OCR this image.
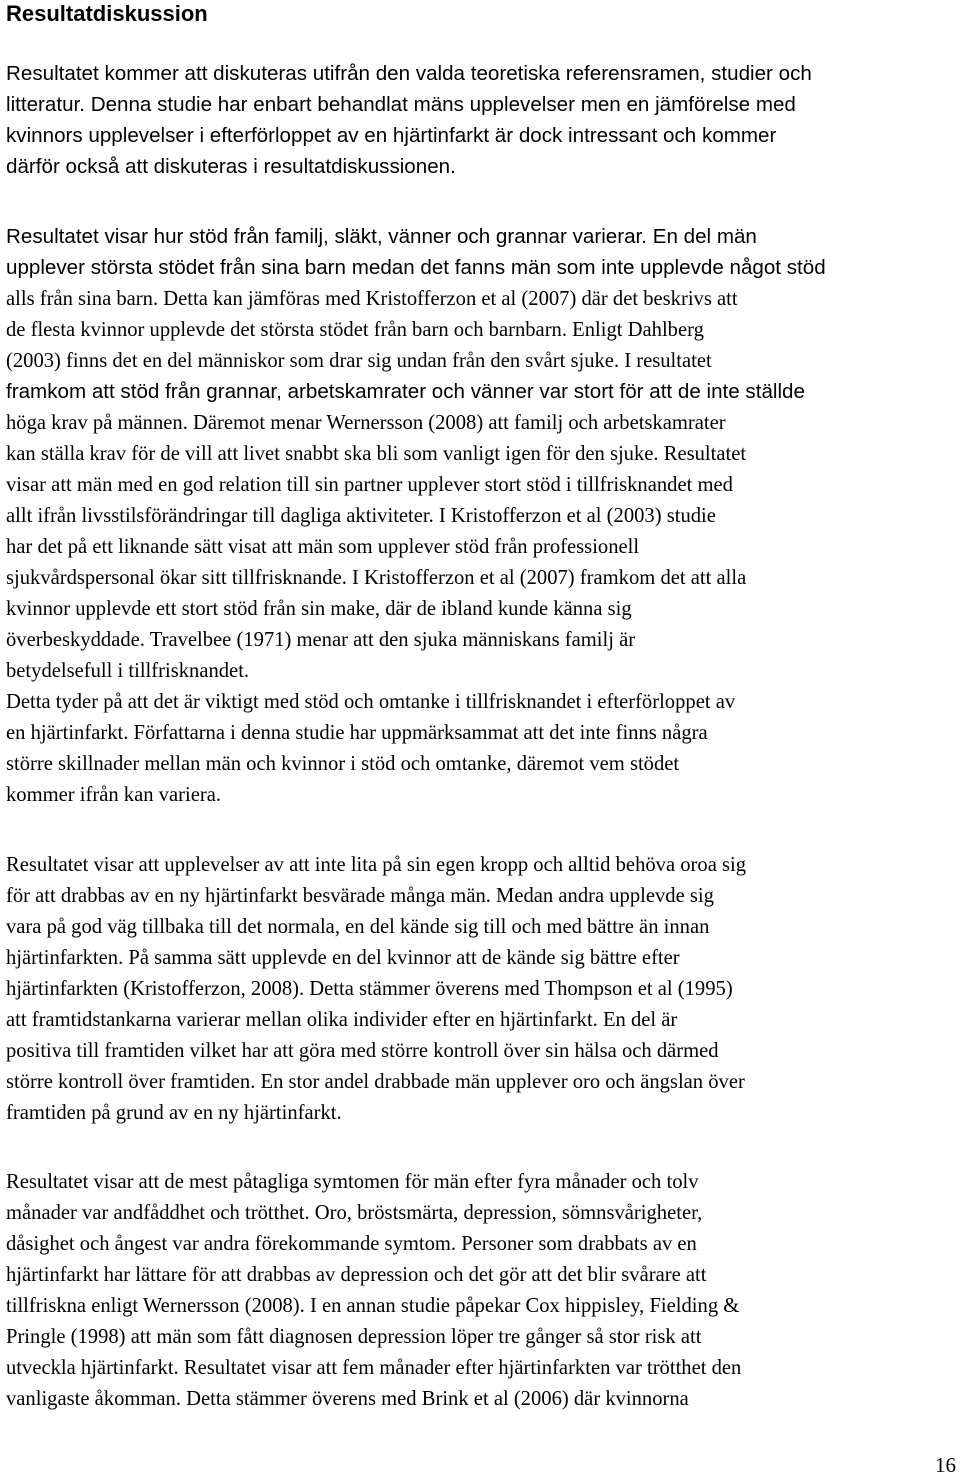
Resultatdiskussion

Resultatet kommer att diskuteras utifrån den valda teoretiska referensramen, studier och

litteratur. Denna studie har enbart behandlat mäns upplevelser men en jämförelse med

kvinnors upplevelser i efterförloppet av en hjärtinfarkt är dock intressant och kommer

därför också att diskuteras i resultatdiskussionen.

Resultatet visar hur stöd från familj, släkt, vänner och grannar varierar. En del män

upplever största stödet från sina barn medan det fanns män som inte upplevde något stöd

alls från sina barn. Detta kan jämföras med Kristofferzon et al (2007) där det beskrivs att

de flesta kvinnor upplevde det största stödet från barn och barnbarn. Enligt Dahlberg

(2003) finns det en del människor som drar sig undan från den svårt sjuke. I resultatet

framkom att stöd från grannar, arbetskamrater och vänner var stort för att de inte ställde

höga krav på männen. Däremot menar Wernersson (2008) att familj och arbetskamrater

kan ställa krav för de vill att livet snabbt ska bli som vanligt igen för den sjuke. Resultatet

visar att män med en god relation till sin partner upplever stort stöd i tillfrisknandet med

allt ifrån livsstilsförändringar till dagliga aktiviteter. I Kristofferzon et al (2003) studie

har det på ett liknande sätt visat att män som upplever stöd från professionell

sjukvårdspersonal ökar sitt tillfrisknande. I Kristofferzon et al (2007) framkom det att alla

kvinnor upplevde ett stort stöd från sin make, där de ibland kunde känna sig

överbeskyddade. Travelbee (1971) menar att den sjuka människans familj är

betydelsefull i tillfrisknandet.

Detta tyder på att det är viktigt med stöd och omtanke i tillfrisknandet i efterförloppet av

en hjärtinfarkt. Författarna i denna studie har uppmärksammat att det inte finns några

större skillnader mellan män och kvinnor i stöd och omtanke, däremot vem stödet

kommer ifrån kan variera.

Resultatet visar att upplevelser av att inte lita på sin egen kropp och alltid behöva oroa sig

för att drabbas av en ny hjärtinfarkt besvärade många män. Medan andra upplevde sig

vara på god väg tillbaka till det normala, en del kände sig till och med bättre än innan

hjärtinfarkten. På samma sätt upplevde en del kvinnor att de kände sig bättre efter

hjärtinfarkten (Kristofferzon, 2008). Detta stämmer överens med Thompson et al (1995)

att framtidstankarna varierar mellan olika individer efter en hjärtinfarkt. En del är

positiva till framtiden vilket har att göra med större kontroll över sin hälsa och därmed

större kontroll över framtiden. En stor andel drabbade män upplever oro och ängslan över

framtiden på grund av en ny hjärtinfarkt.

Resultatet visar att de mest påtagliga symtomen för män efter fyra månader och tolv

månader var andfåddhet och trötthet. Oro, bröstsmärta, depression, sömnsvårigheter,

dåsighet och ångest var andra förekommande symtom. Personer som drabbats av en

hjärtinfarkt har lättare för att drabbas av depression och det gör att det blir svårare att

tillfriskna enligt Wernersson (2008). I en annan studie påpekar Cox hippisley, Fielding &

Pringle (1998) att män som fått diagnosen depression löper tre gånger så stor risk att

utveckla hjärtinfarkt. Resultatet visar att fem månader efter hjärtinfarkten var trötthet den

vanligaste åkomman. Detta stämmer överens med Brink et al (2006) där kvinnorna

16
